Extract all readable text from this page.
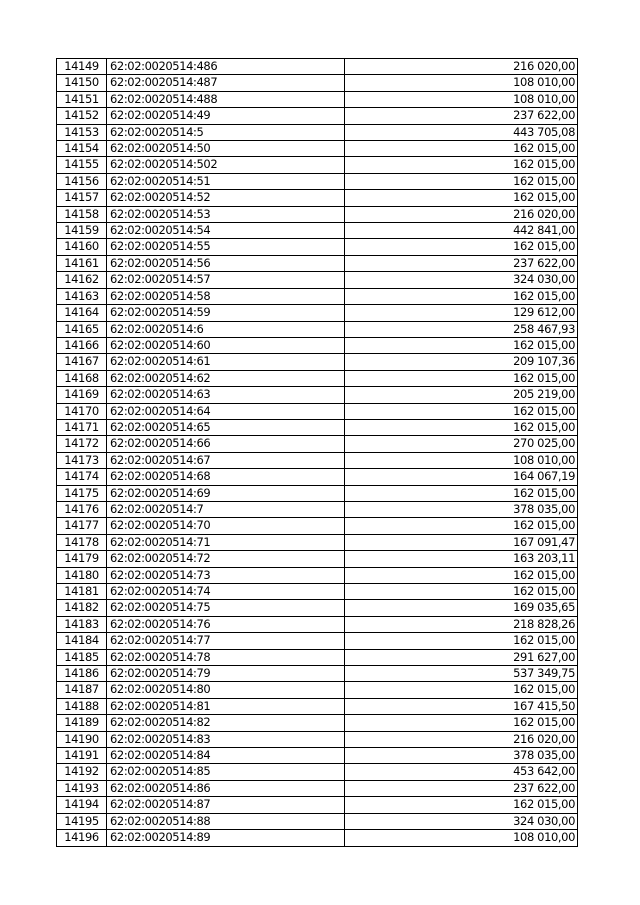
14149	62:02:0020514:486	216 020,00
14150	62:02:0020514:487	108 010,00
14151	62:02:0020514:488	108 010,00
14152	62:02:0020514:49	237 622,00
14153	62:02:0020514:5	443 705,08
14154	62:02:0020514:50	162 015,00
14155	62:02:0020514:502	162 015,00
14156	62:02:0020514:51	162 015,00
14157	62:02:0020514:52	162 015,00
14158	62:02:0020514:53	216 020,00
14159	62:02:0020514:54	442 841,00
14160	62:02:0020514:55	162 015,00
14161	62:02:0020514:56	237 622,00
14162	62:02:0020514:57	324 030,00
14163	62:02:0020514:58	162 015,00
14164	62:02:0020514:59	129 612,00
14165	62:02:0020514:6	258 467,93
14166	62:02:0020514:60	162 015,00
14167	62:02:0020514:61	209 107,36
14168	62:02:0020514:62	162 015,00
14169	62:02:0020514:63	205 219,00
14170	62:02:0020514:64	162 015,00
14171	62:02:0020514:65	162 015,00
14172	62:02:0020514:66	270 025,00
14173	62:02:0020514:67	108 010,00
14174	62:02:0020514:68	164 067,19
14175	62:02:0020514:69	162 015,00
14176	62:02:0020514:7	378 035,00
14177	62:02:0020514:70	162 015,00
14178	62:02:0020514:71	167 091,47
14179	62:02:0020514:72	163 203,11
14180	62:02:0020514:73	162 015,00
14181	62:02:0020514:74	162 015,00
14182	62:02:0020514:75	169 035,65
14183	62:02:0020514:76	218 828,26
14184	62:02:0020514:77	162 015,00
14185	62:02:0020514:78	291 627,00
14186	62:02:0020514:79	537 349,75
14187	62:02:0020514:80	162 015,00
14188	62:02:0020514:81	167 415,50
14189	62:02:0020514:82	162 015,00
14190	62:02:0020514:83	216 020,00
14191	62:02:0020514:84	378 035,00
14192	62:02:0020514:85	453 642,00
14193	62:02:0020514:86	237 622,00
14194	62:02:0020514:87	162 015,00
14195	62:02:0020514:88	324 030,00
14196	62:02:0020514:89	108 010,00
